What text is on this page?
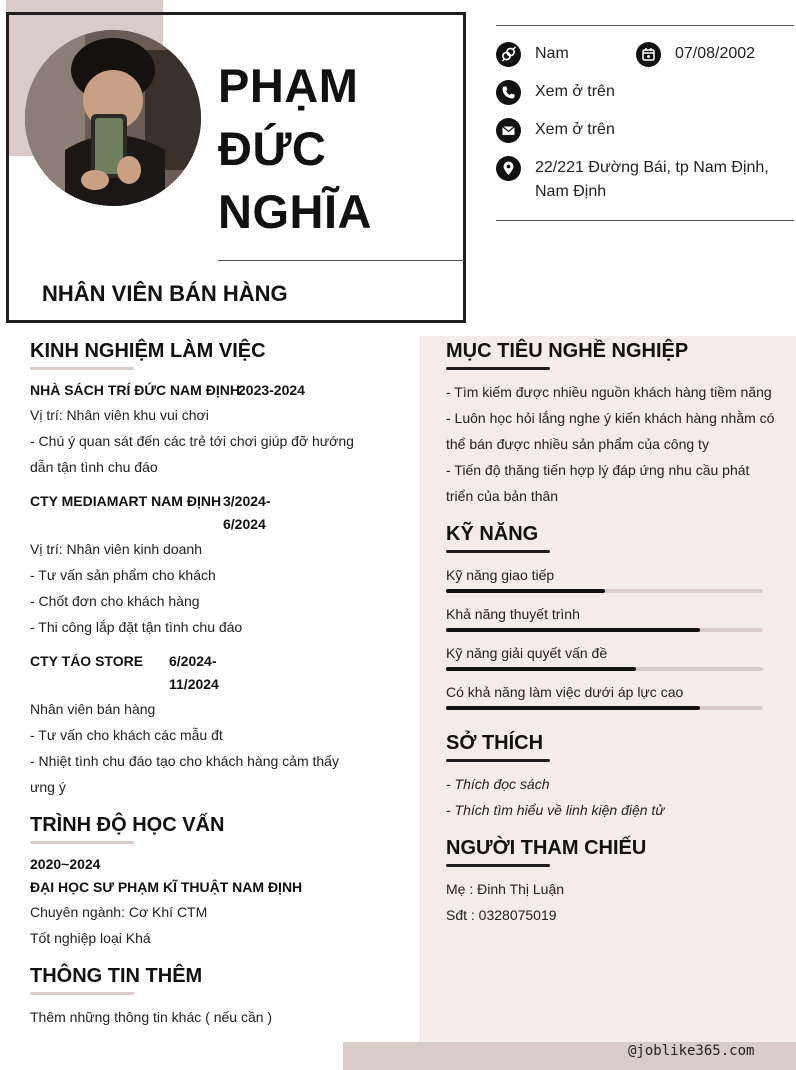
PHẠM
ĐỨC
NGHĨA
NHÂN VIÊN BÁN HÀNG
Nam	07/08/2002
Xem ở trên
Xem ở trên
22/221 Đường Bái, tp Nam Định,
Nam Định
@joblike365.com
KINH NGHIỆM LÀM VIỆC
NHÀ SÁCH TRÍ ĐỨC NAM ĐỊNH
2023-2024
Vị trí: Nhân viên khu vui chơi
- Chú ý quan sát đến các trẻ tới chơi giúp đỡ hướng
dẫn tận tình chu đáo
CTY MEDIAMART NAM ĐỊNH 3/2024-
6/2024
Vị trí: Nhân viên kinh doanh
- Tư vấn sản phẩm cho khách
- Chốt đơn cho khách hàng
- Thi công lắp đặt tận tình chu đáo
CTY TÁO STORE 6/2024-
11/2024
Nhân viên bán hàng
- Tư vấn cho khách các mẫu đt
- Nhiệt tình chu đáo tạo cho khách hàng cảm thấy
ưng ý
TRÌNH ĐỘ HỌC VẤN
2020~2024
ĐẠI HỌC SƯ PHẠM KĨ THUẬT NAM ĐỊNH
Chuyên ngành: Cơ Khí CTM
Tốt nghiệp loại Khá
THÔNG TIN THÊM
Thêm những thông tin khác ( nếu cần )
MỤC TIÊU NGHỀ NGHIỆP
- Tìm kiếm được nhiều nguồn khách hàng tiềm năng
- Luôn học hỏi lắng nghe ý kiến khách hàng nhằm có
thể bán được nhiều sản phẩm của công ty
- Tiến độ thăng tiến hợp lý đáp ứng nhu cầu phát
triển của bản thân
KỸ NĂNG
Kỹ năng giao tiếp
Khả năng thuyết trình
Kỹ năng giải quyết vấn đề
Có khả năng làm việc dưới áp lực cao
SỞ THÍCH
- Thích đọc sách
- Thích tìm hiểu về linh kiện điện tử
NGƯỜI THAM CHIẾU
Mẹ : Đinh Thị Luận
Sđt : 0328075019
